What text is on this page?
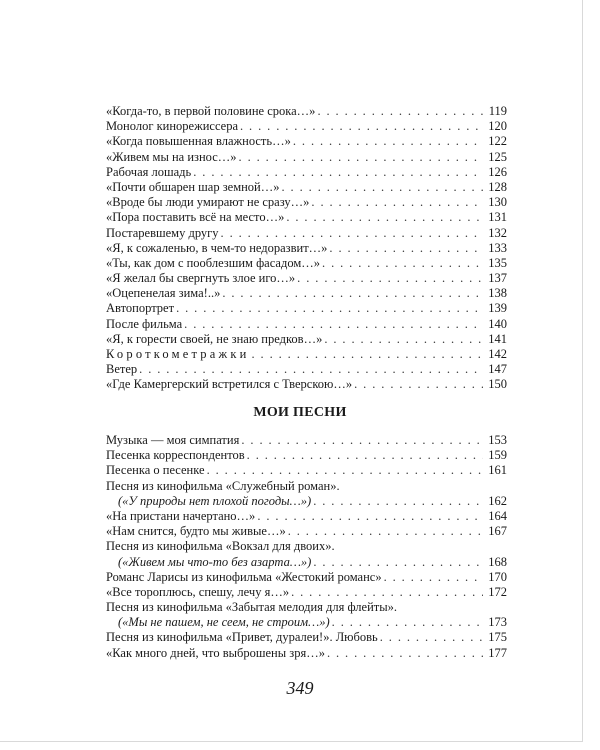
«Когда-то, в первой половине срока…» . . .	119
Монолог кинорежиссера . . .	120
«Когда повышенная влажность…» . . .	122
«Живем мы на износ…» . . .	125
Рабочая лошадь . . .	126
«Почти обшарен шар земной…» . . .	128
«Вроде бы люди умирают не сразу…» . . .	130
«Пора поставить всё на место…» . . .	131
Постаревшему другу . . .	132
«Я, к сожаленью, в чем-то недоразвит…» . . .	133
«Ты, как дом с пооблезшим фасадом…» . . .	135
«Я желал бы свергнуть злое иго…» . . .	137
«Оцепенелая зима!..» . . .	138
Автопортрет . . .	139
После фильма . . .	140
«Я, к горести своей, не знаю предков…» . . .	141
Короткометражки . . .	142
Ветер . . .	147
«Где Камергерский встретился с Тверскою…» . . .	150
МОИ ПЕСНИ
Музыка — моя симпатия . . .	153
Песенка корреспондентов . . .	159
Песенка о песенке . . .	161
Песня из кинофильма «Служебный роман».
(«У природы нет плохой погоды…») . . .	162
«На пристани начертано…» . . .	164
«Нам снится, будто мы живые…» . . .	167
Песня из кинофильма «Вокзал для двоих».
(«Живем мы что-то без азарта…») . . .	168
Романс Ларисы из кинофильма «Жестокий романс» . . .	170
«Все тороплюсь, спешу, лечу я…» . . .	172
Песня из кинофильма «Забытая мелодия для флейты».
(«Мы не пашем, не сеем, не строим…») . . .	173
Песня из кинофильма «Привет, дуралеи!». Любовь . . .	175
«Как много дней, что выброшены зря…» . . .	177
349
